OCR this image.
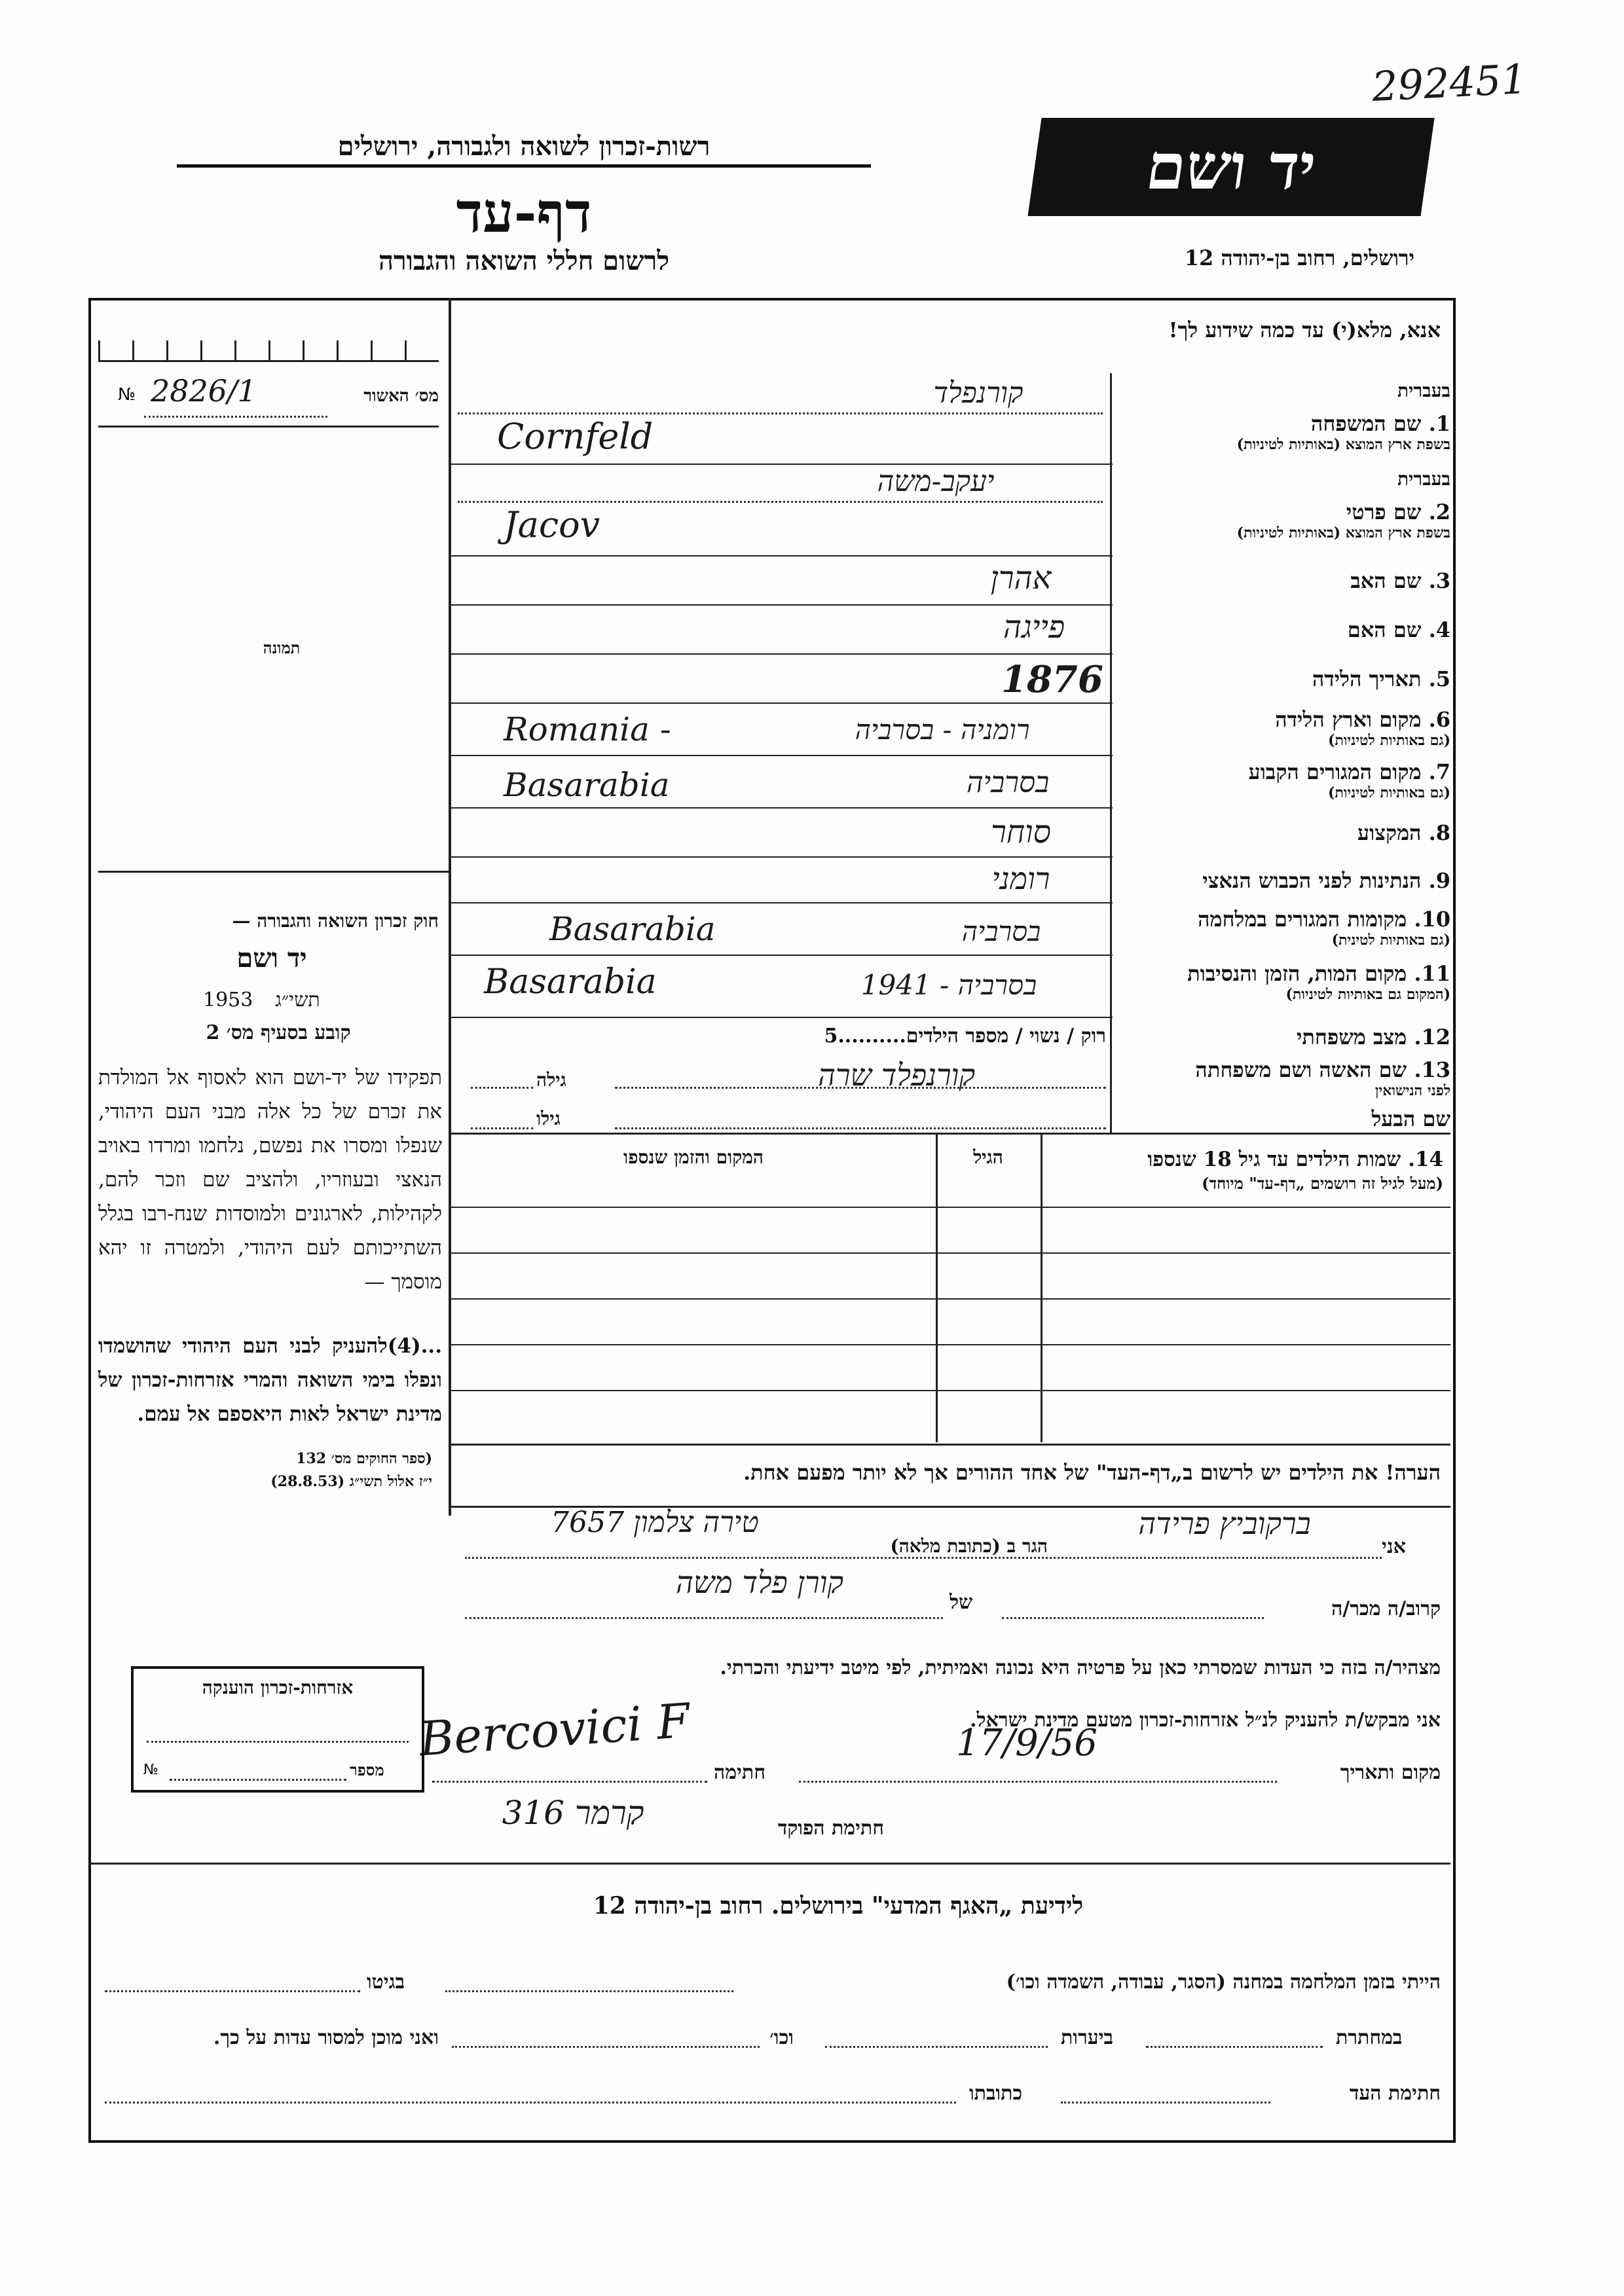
292451
רשות-זכרון לשואה ולגבורה, ירושלים
דף-עד
לרשום חללי השואה והגבורה
יד ושם
ירושלים, רחוב בן-יהודה 12
אנא, מלא(י) עד כמה שידוע לך!
מס׳ האשור
№ 2826/1
תמונה
חוק זכרון השואה והגבורה —
יד ושם
תשי״ג
1953
קובע בסעיף מס׳ 2
תפקידו של יד-ושם הוא לאסוף אל המולדת את זכרם של כל אלה מבני העם היהודי, שנפלו ומסרו את נפשם, נלחמו ומרדו באויב הנאצי ובעוזריו, ולהציב שם וזכר להם, לקהילות, לארגונים ולמוסדות שנח-רבו בגלל השתייכותם לעם היהודי, ולמטרה זו יהא מוסמך —
...(4)להעניק לבני העם היהודי שהושמדו ונפלו בימי השואה והמרי אזרחות-זכרון של מדינת ישראל לאות היאספם אל עמם.
(ספר החוקים מס׳ 132
י״ז אלול תשי״ג (28.8.53)
בעברית
1. שם המשפחה
בשפת ארץ המוצא (באותיות לטיניות)
קורנפלד
Cornfeld
בעברית
2. שם פרטי
בשפת ארץ המוצא (באותיות לטיניות)
יעקב-משה
Jacov
3. שם האב
אהרן
4. שם האם
פייגה
5. תאריך הלידה
1876
6. מקום וארץ הלידה
(גם באותיות לטיניות)
Romania -	רומניה - בסרביה
7. מקום המגורים הקבוע
(גם באותיות לטיניות)
Basarabia	בסרביה
8. המקצוע
סוחר
9. הנתינות לפני הכבוש הנאצי
רומני
10. מקומות המגורים במלחמה
(גם באותיות לטינית)
Basarabia	בסרביה
11. מקום המות, הזמן והנסיבות
(המקום גם באותיות לטיניות)
Basarabia	בסרביה - 1941
12. מצב משפחתי
רוק / נשוי / מספר הילדים..........5
13. שם האשה ושם משפחתה
לפני הנישואין
קורנפלד שרה
גילה
שם הבעל
גילו
14. שמות הילדים עד גיל 18 שנספו
(מעל לגיל זה רושמים „דף-עד" מיוחד)
הגיל
המקום והזמן שנספו
הערה! את הילדים יש לרשום ב„דף-העד" של אחד ההורים אך לא יותר מפעם אחת.
אני
ברקוביץ פרידה
הגר ב (כתובת מלאה)
טירה צלמון 7657
קרוב/ה מכר/ה
של
קורן פלד משה
מצהיר/ה בזה כי העדות שמסרתי כאן על פרטיה היא נכונה ואמיתית, לפי מיטב ידיעתי והכרתי.
אני מבקש/ת להעניק לנ״ל אזרחות-זכרון מטעם מדינת ישראל.
מקום ותאריך
17/9/56
חתימה
Bercovici F
חתימת הפוקד
קרמר 316
אזרחות-זכרון הוענקה
№	מספר
לידיעת „האגף המדעי" בירושלים. רחוב בן-יהודה 12
הייתי בזמן המלחמה במחנה (הסגר, עבודה, השמדה וכו׳)
בגיטו
במחתרת
ביערות
וכו׳
ואני מוכן למסור עדות על כך.
חתימת העד
כתובתו
